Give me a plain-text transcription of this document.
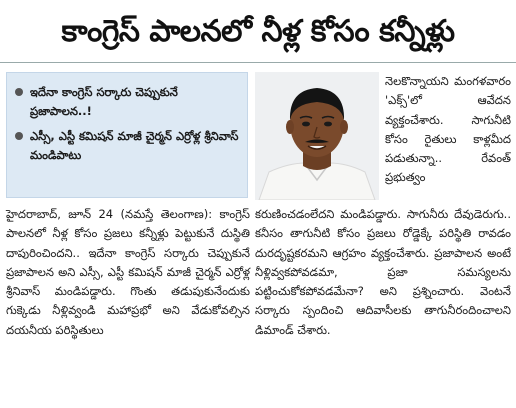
కాంగ్రెస్ పాలనలో నీళ్ల కోసం కన్నీళ్లు
ఇదేనా కాంగ్రెస్ సర్కారు చెప్పుకునే ప్రజాపాలన..!
ఎస్సీ, ఎస్టీ కమిషన్ మాజీ చైర్మన్ ఎర్రోళ్ల శ్రీనివాస్ మండిపాటు
నెలకొన్నాయని మంగళవారం 'ఎక్స్'లో ఆవేదన వ్యక్తంచేశారు. సాగునీటి కోసం రైతులు కాళ్లమీద పడుతున్నా.. రేవంత్ ప్రభుత్వం
హైదరాబాద్, జూన్ 24 (నమస్తే తెలంగాణ): కాంగ్రెస్ పాలనలో నీళ్ల కోసం ప్రజలు కన్నీళ్లు పెట్టుకునే దుస్థితి దాపురించిందని.. ఇదేనా కాంగ్రెస్ సర్కారు చెప్పుకునే ప్రజాపాలన అని ఎస్సీ, ఎస్టీ కమిషన్ మాజీ చైర్మన్ ఎర్రోళ్ల శ్రీనివాస్ మండిపడ్డారు. గొంతు తడుపుకునేందుకు గుక్కెడు నీళ్లివ్వండి మహాప్రభో అని వేడుకోవల్సిన దయనీయ పరిస్థితులు
కరుణించడంలేదని మండిపడ్డారు. సాగునీరు దేవుడెరుగు.. కనీసం తాగునీటి కోసం ప్రజలు రోడ్డెక్కే పరిస్థితి రావడం దురదృష్టకరమని ఆగ్రహం వ్యక్తంచేశారు. ప్రజాపాలన అంటే నీళ్లివ్వకపోవడమా, ప్రజా సమస్యలను పట్టించుకోకపోవడమేనా? అని ప్రశ్నించారు. వెంటనే సర్కారు స్పందించి ఆదివాసీలకు తాగునీరందించాలని డిమాండ్ చేశారు.
